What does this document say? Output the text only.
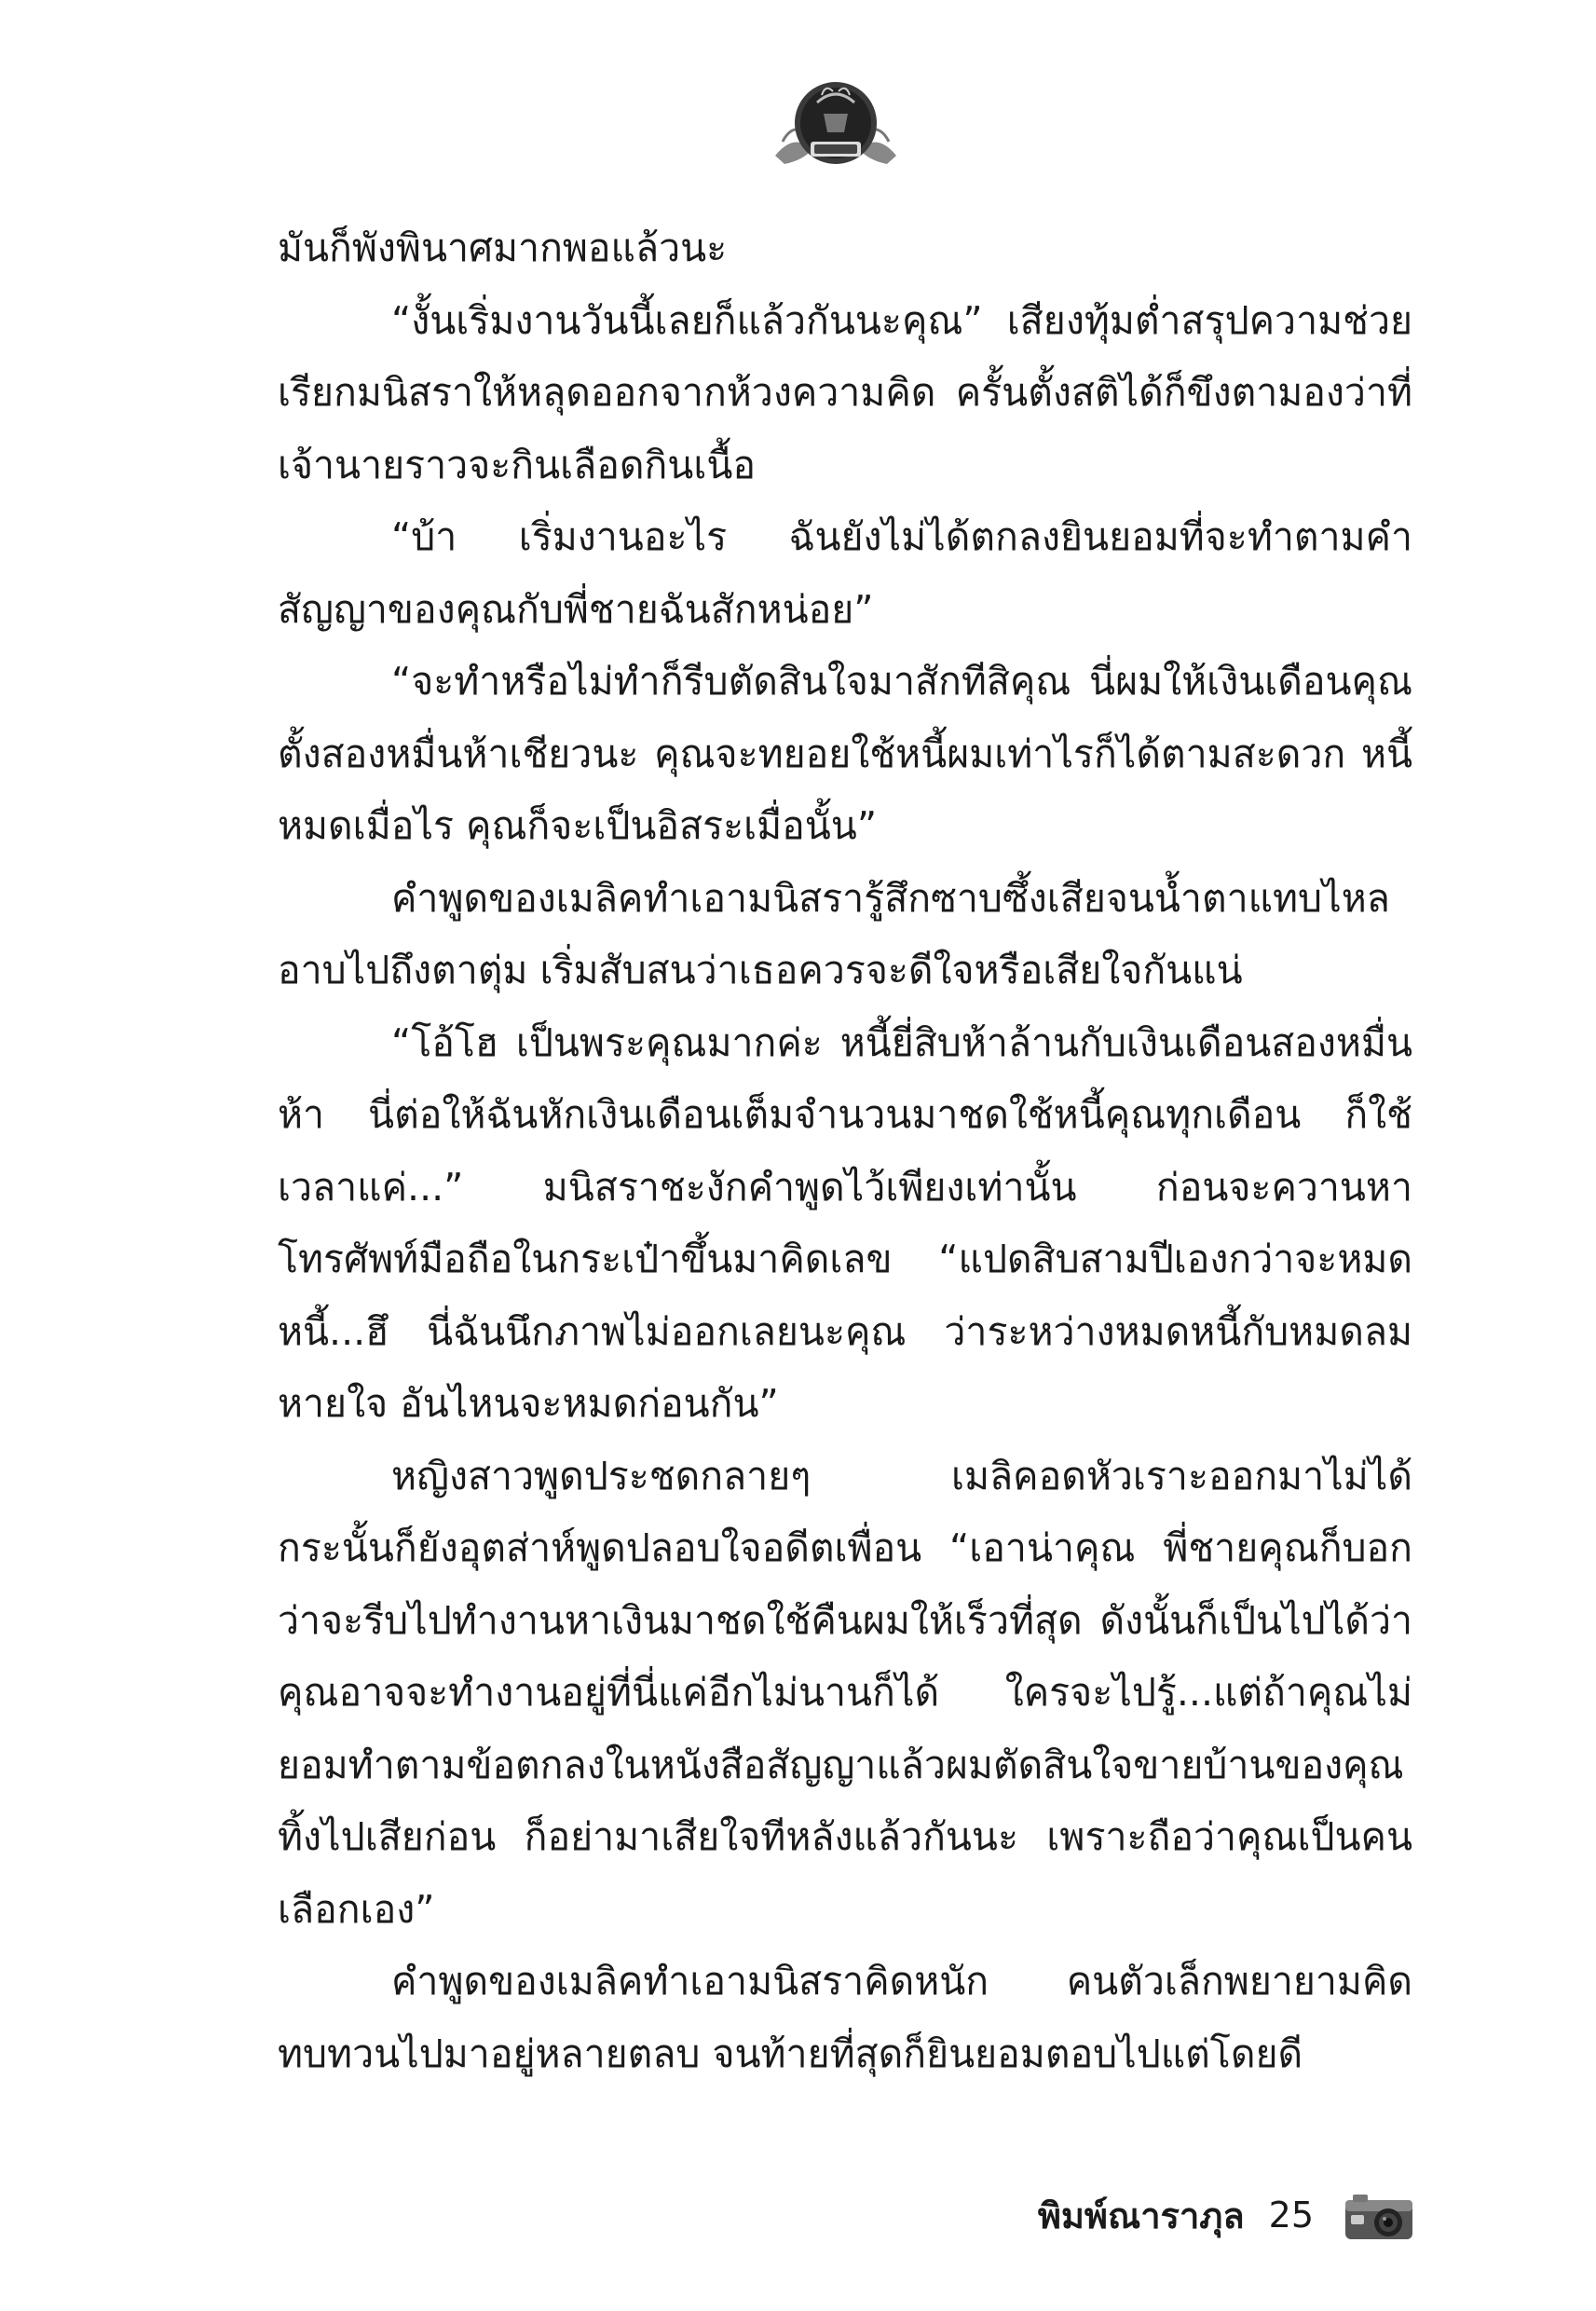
มันก็พังพินาศมากพอแล้วนะ

“งั้นเริ่มงานวันนี้เลยก็แล้วกันนะคุณ” เสียงทุ้มต่ำสรุปความช่วยเรียกมนิสราให้หลุดออกจากห้วงความคิด ครั้นตั้งสติได้ก็ขึงตามองว่าที่เจ้านายราวจะกินเลือดกินเนื้อ

“บ้า เริ่มงานอะไร ฉันยังไม่ได้ตกลงยินยอมที่จะทำตามคำสัญญาของคุณกับพี่ชายฉันสักหน่อย”

“จะทำหรือไม่ทำก็รีบตัดสินใจมาสักทีสิคุณ นี่ผมให้เงินเดือนคุณตั้งสองหมื่นห้าเชียวนะ คุณจะทยอยใช้หนี้ผมเท่าไรก็ได้ตามสะดวก หนี้หมดเมื่อไร คุณก็จะเป็นอิสระเมื่อนั้น”

คำพูดของเมลิคทำเอามนิสรารู้สึกซาบซึ้งเสียจนน้ำตาแทบไหลอาบไปถึงตาตุ่ม เริ่มสับสนว่าเธอควรจะดีใจหรือเสียใจกันแน่

“โอ้โฮ เป็นพระคุณมากค่ะ หนี้ยี่สิบห้าล้านกับเงินเดือนสองหมื่นห้า นี่ต่อให้ฉันหักเงินเดือนเต็มจำนวนมาชดใช้หนี้คุณทุกเดือน ก็ใช้เวลาแค่...” มนิสราชะงักคำพูดไว้เพียงเท่านั้น ก่อนจะควานหาโทรศัพท์มือถือในกระเป๋าขึ้นมาคิดเลข “แปดสิบสามปีเองกว่าจะหมดหนี้...ฮึ นี่ฉันนึกภาพไม่ออกเลยนะคุณ ว่าระหว่างหมดหนี้กับหมดลมหายใจ อันไหนจะหมดก่อนกัน”

หญิงสาวพูดประชดกลายๆ เมลิคอดหัวเราะออกมาไม่ได้ กระนั้นก็ยังอุตส่าห์พูดปลอบใจอดีตเพื่อน “เอาน่าคุณ พี่ชายคุณก็บอกว่าจะรีบไปทำงานหาเงินมาชดใช้คืนผมให้เร็วที่สุด ดังนั้นก็เป็นไปได้ว่าคุณอาจจะทำงานอยู่ที่นี่แค่อีกไม่นานก็ได้ ใครจะไปรู้...แต่ถ้าคุณไม่ยอมทำตามข้อตกลงในหนังสือสัญญาแล้วผมตัดสินใจขายบ้านของคุณทิ้งไปเสียก่อน ก็อย่ามาเสียใจทีหลังแล้วกันนะ เพราะถือว่าคุณเป็นคนเลือกเอง”

คำพูดของเมลิคทำเอามนิสราคิดหนัก คนตัวเล็กพยายามคิดทบทวนไปมาอยู่หลายตลบ จนท้ายที่สุดก็ยินยอมตอบไปแต่โดยดี

พิมพ์ณาราภุล 25
